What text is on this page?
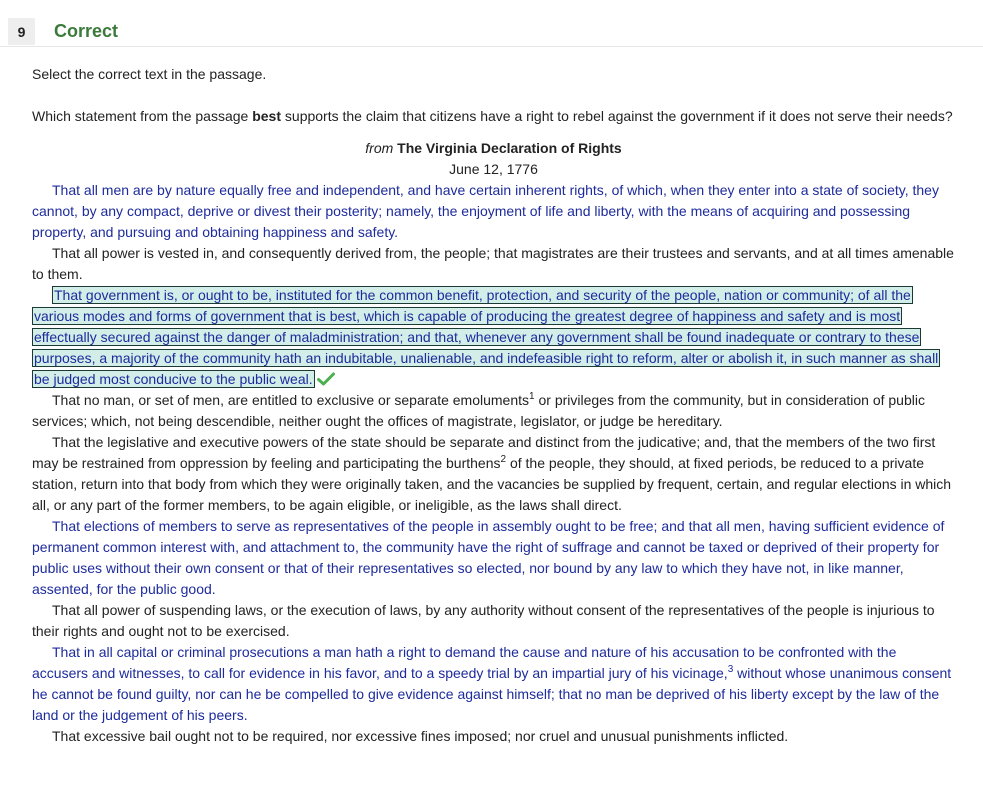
9	Correct

Select the correct text in the passage.

Which statement from the passage best supports the claim that citizens have a right to rebel against the government if it does not serve their needs?

from The Virginia Declaration of Rights
June 12, 1776

That all men are by nature equally free and independent, and have certain inherent rights, of which, when they enter into a state of society, they cannot, by any compact, deprive or divest their posterity; namely, the enjoyment of life and liberty, with the means of acquiring and possessing property, and pursuing and obtaining happiness and safety.

That all power is vested in, and consequently derived from, the people; that magistrates are their trustees and servants, and at all times amenable to them.

That government is, or ought to be, instituted for the common benefit, protection, and security of the people, nation or community; of all the various modes and forms of government that is best, which is capable of producing the greatest degree of happiness and safety and is most effectually secured against the danger of maladministration; and that, whenever any government shall be found inadequate or contrary to these purposes, a majority of the community hath an indubitable, unalienable, and indefeasible right to reform, alter or abolish it, in such manner as shall be judged most conducive to the public weal.

That no man, or set of men, are entitled to exclusive or separate emoluments$^1$ or privileges from the community, but in consideration of public services; which, not being descendible, neither ought the offices of magistrate, legislator, or judge be hereditary.

That the legislative and executive powers of the state should be separate and distinct from the judicative; and, that the members of the two first may be restrained from oppression by feeling and participating the burthens$^2$ of the people, they should, at fixed periods, be reduced to a private station, return into that body from which they were originally taken, and the vacancies be supplied by frequent, certain, and regular elections in which all, or any part of the former members, to be again eligible, or ineligible, as the laws shall direct.

That elections of members to serve as representatives of the people in assembly ought to be free; and that all men, having sufficient evidence of permanent common interest with, and attachment to, the community have the right of suffrage and cannot be taxed or deprived of their property for public uses without their own consent or that of their representatives so elected, nor bound by any law to which they have not, in like manner, assented, for the public good.

That all power of suspending laws, or the execution of laws, by any authority without consent of the representatives of the people is injurious to their rights and ought not to be exercised.

That in all capital or criminal prosecutions a man hath a right to demand the cause and nature of his accusation to be confronted with the accusers and witnesses, to call for evidence in his favor, and to a speedy trial by an impartial jury of his vicinage,$^3$ without whose unanimous consent he cannot be found guilty, nor can he be compelled to give evidence against himself; that no man be deprived of his liberty except by the law of the land or the judgement of his peers.

That excessive bail ought not to be required, nor excessive fines imposed; nor cruel and unusual punishments inflicted.
